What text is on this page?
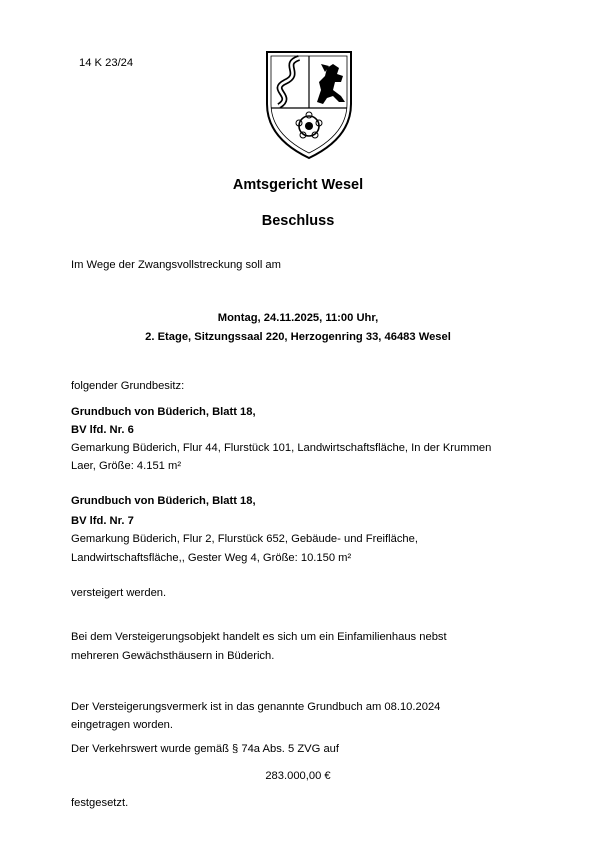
14 K 23/24
Amtsgericht Wesel
Beschluss
Im Wege der Zwangsvollstreckung soll am
Montag, 24.11.2025, 11:00 Uhr,
2. Etage, Sitzungssaal 220, Herzogenring 33, 46483 Wesel
folgender Grundbesitz:
Grundbuch von Büderich, Blatt 18,
BV lfd. Nr. 6
Gemarkung Büderich, Flur 44, Flurstück 101, Landwirtschaftsfläche, In der Krummen
Laer, Größe: 4.151 m²
Grundbuch von Büderich, Blatt 18,
BV lfd. Nr. 7
Gemarkung Büderich, Flur 2, Flurstück 652, Gebäude- und Freifläche,
Landwirtschaftsfläche,, Gester Weg 4, Größe: 10.150 m²
versteigert werden.
Bei dem Versteigerungsobjekt handelt es sich um ein Einfamilienhaus nebst
mehreren Gewächsthäusern in Büderich.
Der Versteigerungsvermerk ist in das genannte Grundbuch am 08.10.2024
eingetragen worden.
Der Verkehrswert wurde gemäß § 74a Abs. 5 ZVG auf
283.000,00 €
festgesetzt.
